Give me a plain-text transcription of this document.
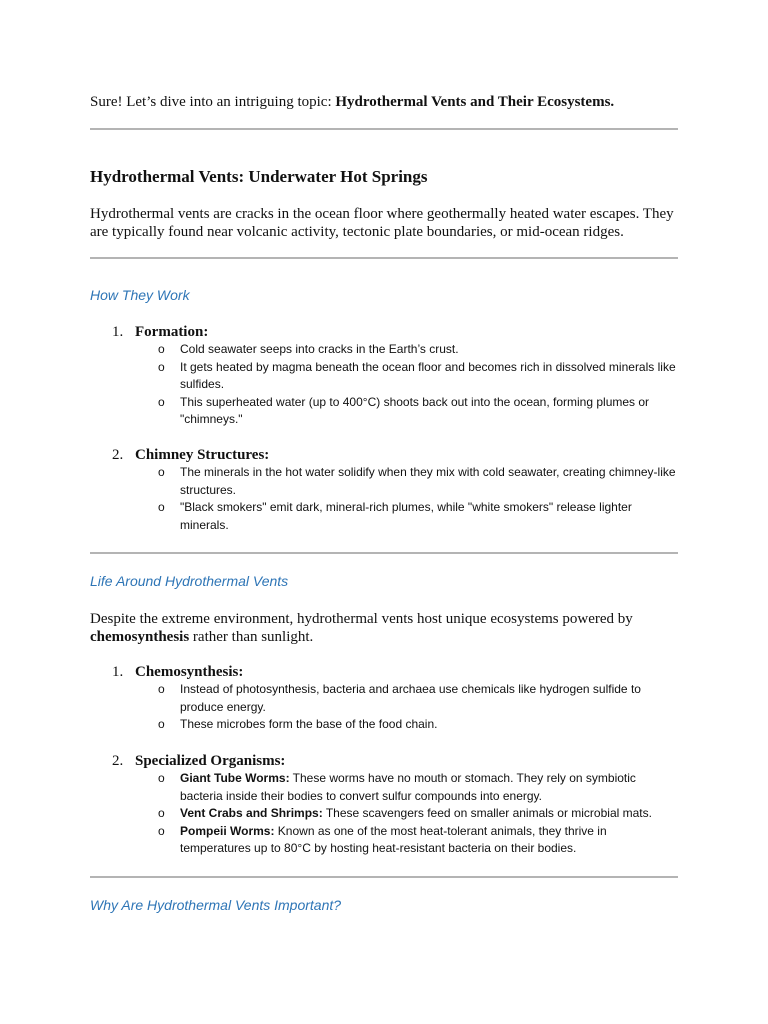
Sure! Let’s dive into an intriguing topic: Hydrothermal Vents and Their Ecosystems.
Hydrothermal Vents: Underwater Hot Springs
Hydrothermal vents are cracks in the ocean floor where geothermally heated water escapes. They are typically found near volcanic activity, tectonic plate boundaries, or mid-ocean ridges.
How They Work
1. Formation:
o Cold seawater seeps into cracks in the Earth’s crust.
o It gets heated by magma beneath the ocean floor and becomes rich in dissolved minerals like sulfides.
o This superheated water (up to 400°C) shoots back out into the ocean, forming plumes or "chimneys."
2. Chimney Structures:
o The minerals in the hot water solidify when they mix with cold seawater, creating chimney-like structures.
o "Black smokers" emit dark, mineral-rich plumes, while "white smokers" release lighter minerals.
Life Around Hydrothermal Vents
Despite the extreme environment, hydrothermal vents host unique ecosystems powered by chemosynthesis rather than sunlight.
1. Chemosynthesis:
o Instead of photosynthesis, bacteria and archaea use chemicals like hydrogen sulfide to produce energy.
o These microbes form the base of the food chain.
2. Specialized Organisms:
o Giant Tube Worms: These worms have no mouth or stomach. They rely on symbiotic bacteria inside their bodies to convert sulfur compounds into energy.
o Vent Crabs and Shrimps: These scavengers feed on smaller animals or microbial mats.
o Pompeii Worms: Known as one of the most heat-tolerant animals, they thrive in temperatures up to 80°C by hosting heat-resistant bacteria on their bodies.
Why Are Hydrothermal Vents Important?
